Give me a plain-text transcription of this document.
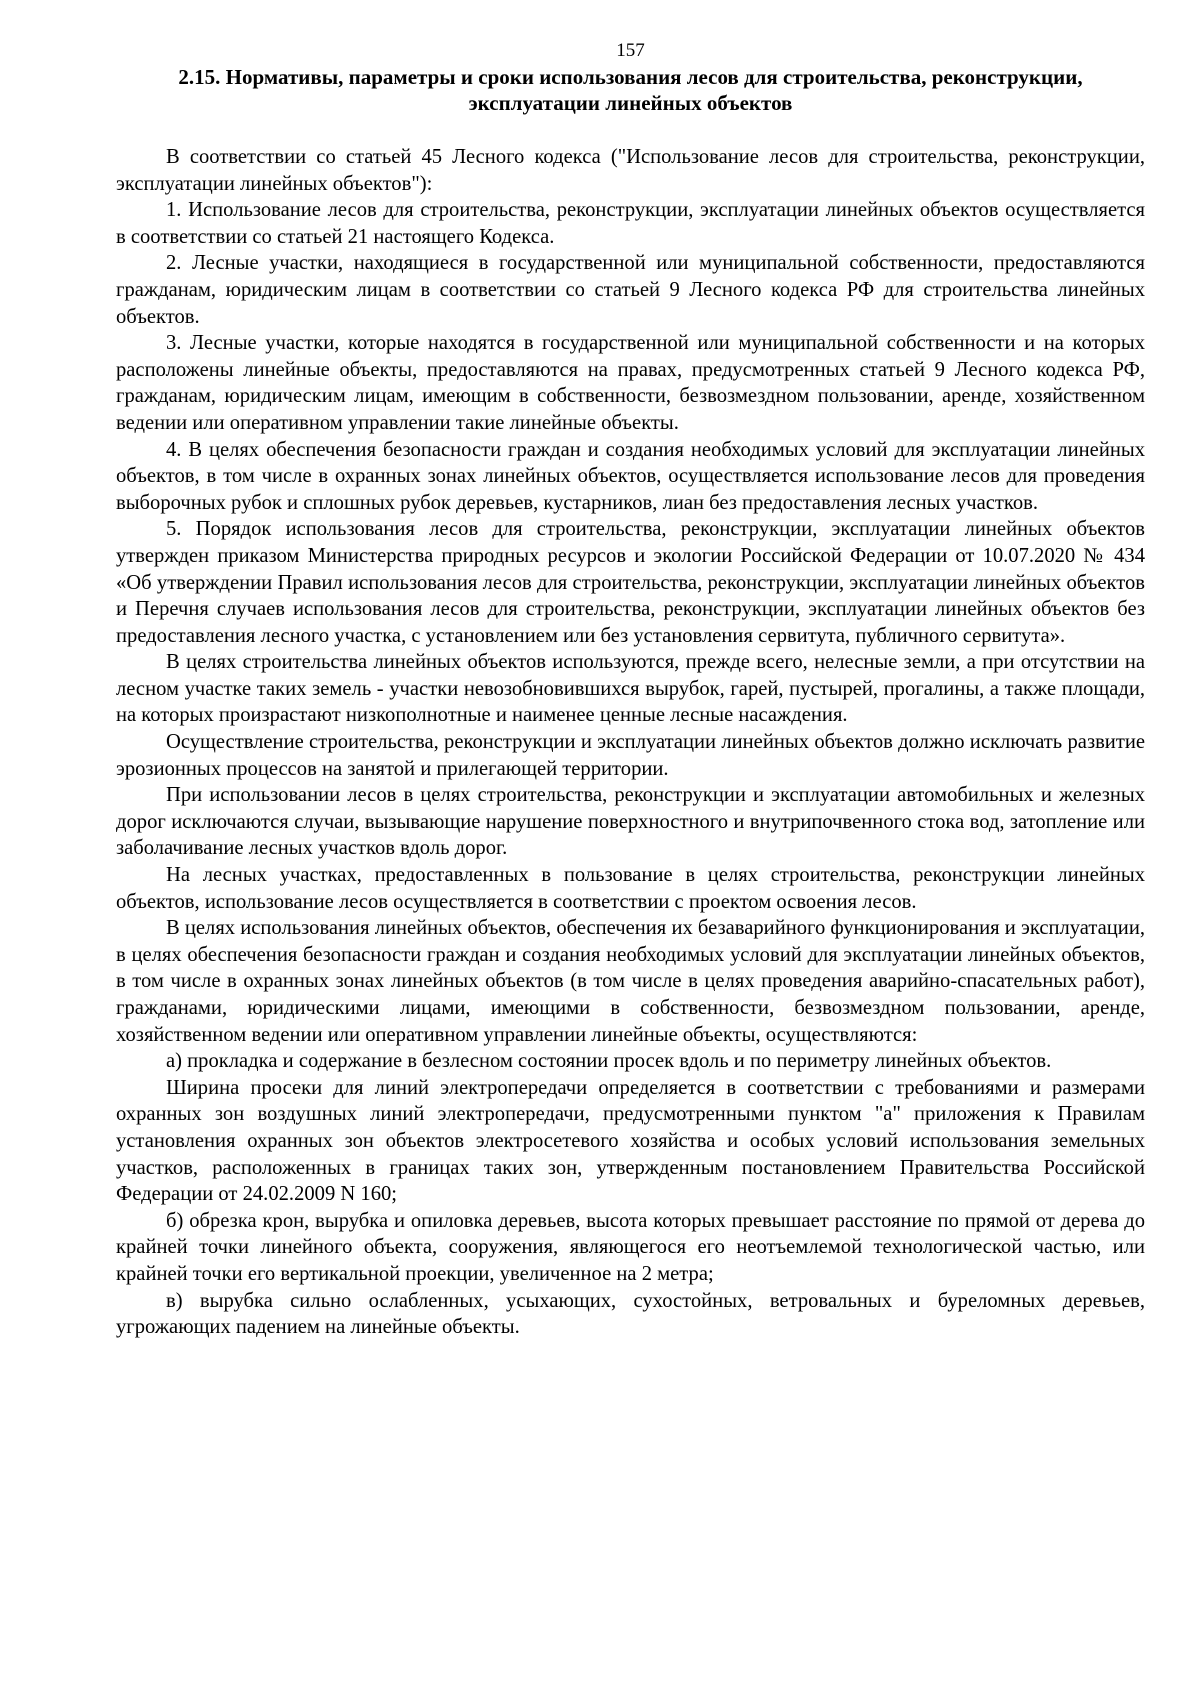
157
2.15. Нормативы, параметры и сроки использования лесов для строительства, реконструкции, эксплуатации линейных объектов

В соответствии со статьей 45 Лесного кодекса ("Использование лесов для строительства, реконструкции, эксплуатации линейных объектов"):

1. Использование лесов для строительства, реконструкции, эксплуатации линейных объектов осуществляется в соответствии со статьей 21 настоящего Кодекса.

2. Лесные участки, находящиеся в государственной или муниципальной собственности, предоставляются гражданам, юридическим лицам в соответствии со статьей 9 Лесного кодекса РФ для строительства линейных объектов.

3. Лесные участки, которые находятся в государственной или муниципальной собственности и на которых расположены линейные объекты, предоставляются на правах, предусмотренных статьей 9 Лесного кодекса РФ, гражданам, юридическим лицам, имеющим в собственности, безвозмездном пользовании, аренде, хозяйственном ведении или оперативном управлении такие линейные объекты.

4. В целях обеспечения безопасности граждан и создания необходимых условий для эксплуатации линейных объектов, в том числе в охранных зонах линейных объектов, осуществляется использование лесов для проведения выборочных рубок и сплошных рубок деревьев, кустарников, лиан без предоставления лесных участков.

5. Порядок использования лесов для строительства, реконструкции, эксплуатации линейных объектов утвержден приказом Министерства природных ресурсов и экологии Российской Федерации от 10.07.2020 № 434 «Об утверждении Правил использования лесов для строительства, реконструкции, эксплуатации линейных объектов и Перечня случаев использования лесов для строительства, реконструкции, эксплуатации линейных объектов без предоставления лесного участка, с установлением или без установления сервитута, публичного сервитута».

В целях строительства линейных объектов используются, прежде всего, нелесные земли, а при отсутствии на лесном участке таких земель - участки невозобновившихся вырубок, гарей, пустырей, прогалины, а также площади, на которых произрастают низкополнотные и наименее ценные лесные насаждения.

Осуществление строительства, реконструкции и эксплуатации линейных объектов должно исключать развитие эрозионных процессов на занятой и прилегающей территории.

При использовании лесов в целях строительства, реконструкции и эксплуатации автомобильных и железных дорог исключаются случаи, вызывающие нарушение поверхностного и внутрипочвенного стока вод, затопление или заболачивание лесных участков вдоль дорог.

На лесных участках, предоставленных в пользование в целях строительства, реконструкции линейных объектов, использование лесов осуществляется в соответствии с проектом освоения лесов.

В целях использования линейных объектов, обеспечения их безаварийного функционирования и эксплуатации, в целях обеспечения безопасности граждан и создания необходимых условий для эксплуатации линейных объектов, в том числе в охранных зонах линейных объектов (в том числе в целях проведения аварийно-спасательных работ), гражданами, юридическими лицами, имеющими в собственности, безвозмездном пользовании, аренде, хозяйственном ведении или оперативном управлении линейные объекты, осуществляются:

а) прокладка и содержание в безлесном состоянии просек вдоль и по периметру линейных объектов.

Ширина просеки для линий электропередачи определяется в соответствии с требованиями и размерами охранных зон воздушных линий электропередачи, предусмотренными пунктом "а" приложения к Правилам установления охранных зон объектов электросетевого хозяйства и особых условий использования земельных участков, расположенных в границах таких зон, утвержденным постановлением Правительства Российской Федерации от 24.02.2009 N 160;

б) обрезка крон, вырубка и опиловка деревьев, высота которых превышает расстояние по прямой от дерева до крайней точки линейного объекта, сооружения, являющегося его неотъемлемой технологической частью, или крайней точки его вертикальной проекции, увеличенное на 2 метра;

в) вырубка сильно ослабленных, усыхающих, сухостойных, ветровальных и буреломных деревьев, угрожающих падением на линейные объекты.
